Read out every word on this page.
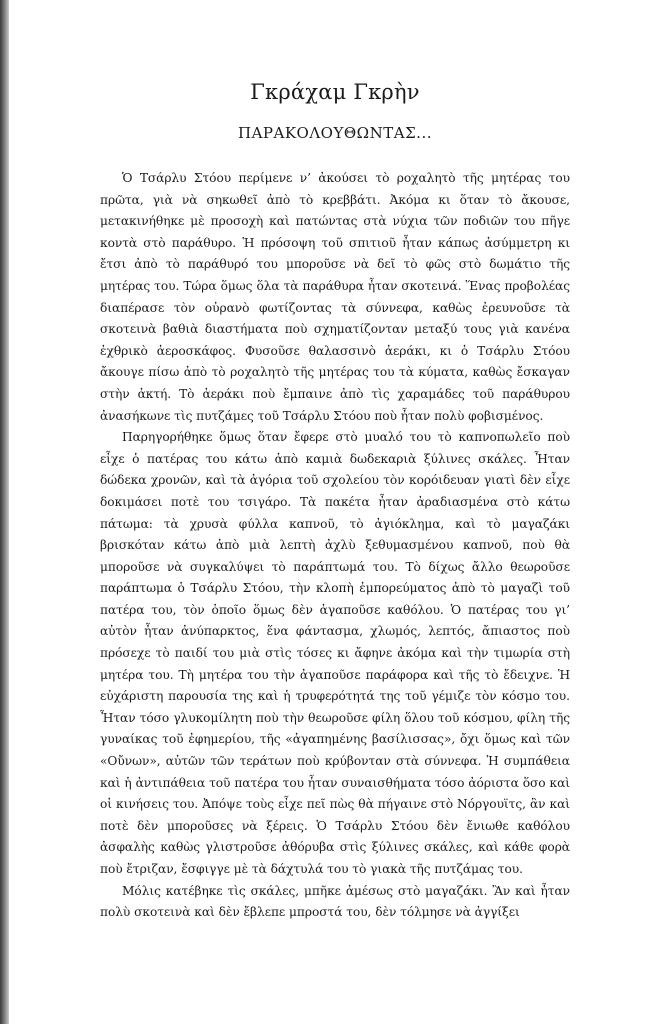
Γκράχαμ Γκρὴν
ΠΑΡΑΚΟΛΟΥΘΩΝΤΑΣ...

Ὁ Τσάρλυ Στόου περίμενε ν’ ἀκούσει τὸ ροχαλητὸ τῆς μητέρας του πρῶτα, γιὰ νὰ σηκωθεῖ ἀπὸ τὸ κρεββάτι. Ἀκόμα κι ὅταν τὸ ἄκουσε, μετακινήθηκε μὲ προσοχὴ καὶ πατώντας στὰ νύχια τῶν ποδιῶν του πῆγε κοντὰ στὸ παράθυρο. Ἡ πρόσοψη τοῦ σπιτιοῦ ἦταν κάπως ἀσύμμετρη κι ἔτσι ἀπὸ τὸ παράθυρό του μποροῦσε νὰ δεῖ τὸ φῶς στὸ δωμάτιο τῆς μητέρας του. Τώρα ὅμως ὅλα τὰ παράθυρα ἦταν σκοτεινά. Ἕνας προβολέας διαπέρασε τὸν οὐρανὸ φωτίζοντας τὰ σύννεφα, καθὼς ἐρευνοῦσε τὰ σκοτεινὰ βαθιὰ διαστήματα ποὺ σχηματίζονταν μεταξύ τους γιὰ κανένα ἐχθρικὸ ἀεροσκάφος. Φυσοῦσε θαλασσινὸ ἀεράκι, κι ὁ Τσάρλυ Στόου ἄκουγε πίσω ἀπὸ τὸ ροχαλητὸ τῆς μητέρας του τὰ κύματα, καθὼς ἔσκαγαν στὴν ἀκτή. Τὸ ἀεράκι ποὺ ἔμπαινε ἀπὸ τὶς χαραμάδες τοῦ παράθυρου ἀνασήκωνε τὶς πυτζάμες τοῦ Τσάρλυ Στόου ποὺ ἦταν πολὺ φοβισμένος.

Παρηγορήθηκε ὅμως ὅταν ἔφερε στὸ μυαλό του τὸ καπνοπωλεῖο ποὺ εἶχε ὁ πατέρας του κάτω ἀπὸ καμιὰ δωδεκαριὰ ξύλινες σκάλες. Ἦταν δώδεκα χρονῶν, καὶ τὰ ἀγόρια τοῦ σχολείου τὸν κορόιδευαν γιατὶ δὲν εἶχε δοκιμάσει ποτὲ του τσιγάρο. Τὰ πακέτα ἦταν ἀραδιασμένα στὸ κάτω πάτωμα: τὰ χρυσὰ φύλλα καπνοῦ, τὸ ἀγιόκλημα, καὶ τὸ μαγαζάκι βρισκόταν κάτω ἀπὸ μιὰ λεπτὴ ἀχλὺ ξεθυμασμένου καπνοῦ, ποὺ θὰ μποροῦσε νὰ συγκαλύψει τὸ παράπτωμά του. Τὸ δίχως ἄλλο θεωροῦσε παράπτωμα ὁ Τσάρλυ Στόου, τὴν κλοπὴ ἐμπορεύματος ἀπὸ τὸ μαγαζὶ τοῦ πατέρα του, τὸν ὁποῖο ὅμως δὲν ἀγαποῦσε καθόλου. Ὁ πατέρας του γι’ αὐτὸν ἦταν ἀνύπαρκτος, ἕνα φάντασμα, χλωμός, λεπτός, ἄπιαστος ποὺ πρόσεχε τὸ παιδί του μιὰ στὶς τόσες κι ἄφηνε ἀκόμα καὶ τὴν τιμωρία στὴ μητέρα του. Τὴ μητέρα του τὴν ἀγαποῦσε παράφορα καὶ τῆς τὸ ἔδειχνε. Ἡ εὐχάριστη παρουσία της καὶ ἡ τρυφερότητά της τοῦ γέμιζε τὸν κόσμο του. Ἦταν τόσο γλυκομίλητη ποὺ τὴν θεωροῦσε φίλη ὅλου τοῦ κόσμου, φίλη τῆς γυναίκας τοῦ ἐφημερίου, τῆς «ἀγαπημένης βασίλισσας», ὄχι ὅμως καὶ τῶν «Οὔνων», αὐτῶν τῶν τεράτων ποὺ κρύβονταν στὰ σύννεφα. Ἡ συμπάθεια καὶ ἡ ἀντιπάθεια τοῦ πατέρα του ἦταν συναισθήματα τόσο ἀόριστα ὅσο καὶ οἱ κινήσεις του. Ἀπόψε τοὺς εἶχε πεῖ πὼς θὰ πήγαινε στὸ Νόργουϊτς, ἂν καὶ ποτὲ δὲν μποροῦσες νὰ ξέρεις. Ὁ Τσάρλυ Στόου δὲν ἔνιωθε καθόλου ἀσφαλὴς καθὼς γλιστροῦσε ἀθόρυβα στὶς ξύλινες σκάλες, καὶ κάθε φορὰ ποὺ ἔτριζαν, ἔσφιγγε μὲ τὰ δάχτυλά του τὸ γιακὰ τῆς πυτζάμας του.

Μόλις κατέβηκε τὶς σκάλες, μπῆκε ἀμέσως στὸ μαγαζάκι. Ἂν καὶ ἦταν πολὺ σκοτεινὰ καὶ δὲν ἔβλεπε μπροστά του, δὲν τόλμησε νὰ ἀγγίξει
